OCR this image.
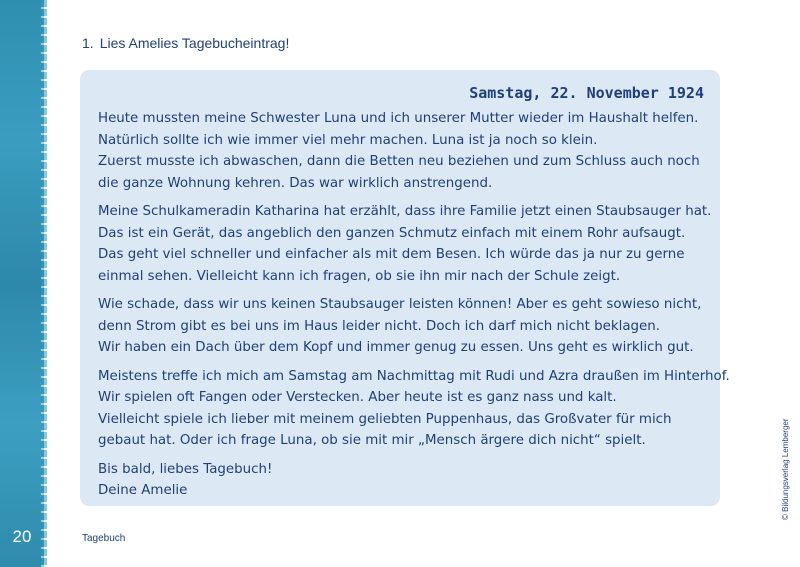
20
1. Lies Amelies Tagebucheintrag!
Samstag, 22. November 1924

Heute mussten meine Schwester Luna und ich unserer Mutter wieder im Haushalt helfen.
Natürlich sollte ich wie immer viel mehr machen. Luna ist ja noch so klein.
Zuerst musste ich abwaschen, dann die Betten neu beziehen und zum Schluss auch noch
die ganze Wohnung kehren. Das war wirklich anstrengend.

Meine Schulkameradin Katharina hat erzählt, dass ihre Familie jetzt einen Staubsauger hat.
Das ist ein Gerät, das angeblich den ganzen Schmutz einfach mit einem Rohr aufsaugt.
Das geht viel schneller und einfacher als mit dem Besen. Ich würde das ja nur zu gerne
einmal sehen. Vielleicht kann ich fragen, ob sie ihn mir nach der Schule zeigt.

Wie schade, dass wir uns keinen Staubsauger leisten können! Aber es geht sowieso nicht,
denn Strom gibt es bei uns im Haus leider nicht. Doch ich darf mich nicht beklagen.
Wir haben ein Dach über dem Kopf und immer genug zu essen. Uns geht es wirklich gut.

Meistens treffe ich mich am Samstag am Nachmittag mit Rudi und Azra draußen im Hinterhof.
Wir spielen oft Fangen oder Verstecken. Aber heute ist es ganz nass und kalt.
Vielleicht spiele ich lieber mit meinem geliebten Puppenhaus, das Großvater für mich
gebaut hat. Oder ich frage Luna, ob sie mit mir „Mensch ärgere dich nicht“ spielt.

Bis bald, liebes Tagebuch!
Deine Amelie

Tagebuch
© Bildungsverlag Lemberger
